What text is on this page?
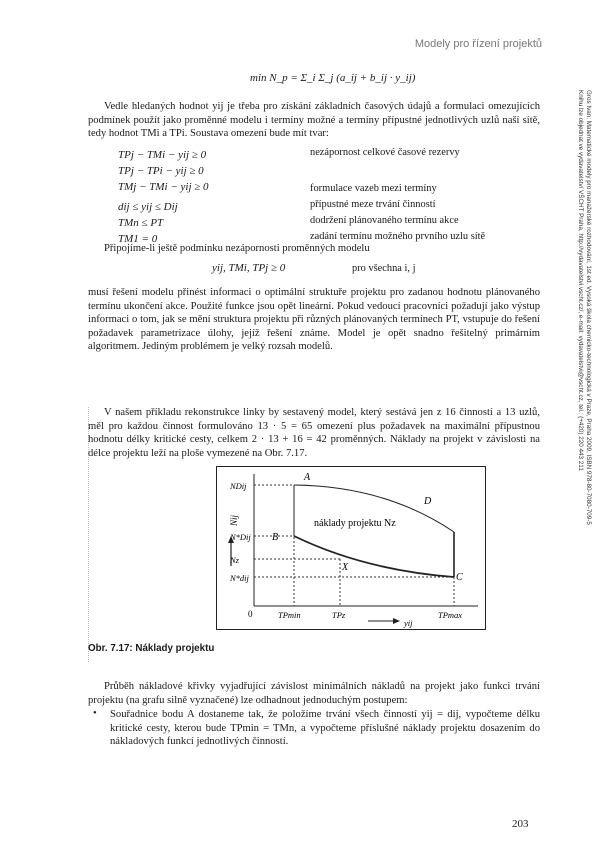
Modely pro řízení projektů
Gros Ivan: Matematické modely pro manažerské rozhodování, 1st ed. Vysoká škola chemicko-technologická v Praze, Praha 2009, ISBN 978-80-7080-709-5
Knihu lze objednat ve vydavatelství VŠCHT Praha, http://vydavatelstvi.vscht.cz/, e-mail: vydavatelstvi@vscht.cz, tel.: (+420) 220 443 211
min N_p = Σ_i Σ_j (a_ij + b_ij · y_ij)
Vedle hledaných hodnot yij je třeba pro získání základních časových údajů a formulaci omezujících podmínek použít jako proměnné modelu i termíny možné a termíny přípustné jednotlivých uzlů naší sítě, tedy hodnot TMi a TPi. Soustava omezení bude mít tvar:
TPj − TMi − yij ≥ 0	nezápornost celkové časové rezervy
TPj − TPi − yij ≥ 0
TMj − TMi − yij ≥ 0	formulace vazeb mezi termíny
dij ≤ yij ≤ Dij	přípustné meze trvání činností
TMn ≤ PT	dodržení plánovaného termínu akce
TM1 = 0	zadání termínu možného prvního uzlu sítě
Připojíme-li ještě podmínku nezápornosti proměnných modelu
yij, TMi, TPj ≥ 0	pro všechna i, j
musí řešení modelu přinést informaci o optimální struktuře projektu pro zadanou hodnotu plánovaného termínu ukončení akce. Použité funkce jsou opět lineární. Pokud vedoucí pracovníci požadují jako výstup informaci o tom, jak se mění struktura projektu při různých plánovaných termínech PT, vstupuje do řešení požadavek parametrizace úlohy, jejíž řešení známe. Model je opět snadno řešitelný primárním algoritmem. Jediným problémem je velký rozsah modelů.
V našem příkladu rekonstrukce linky by sestavený model, který sestává jen z 16 činností a 13 uzlů, měl pro každou činnost formulováno 13 · 5 = 65 omezení plus požadavek na maximální přípustnou hodnotu délky kritické cesty, celkem 2 · 13 + 16 = 42 proměnných. Náklady na projekt v závislosti na délce projektu leží na ploše vymezené na Obr. 7.17.
A
B
C
D
X
náklady projektu Nz
Nij
NDij
N*Dij
Nz
N*dij
0	TPmin	TPz	TPmax
yij
Obr. 7.17: Náklady projektu
Průběh nákladové křivky vyjadřující závislost minimálních nákladů na projekt jako funkci trvání projektu (na grafu silně vyznačené) lze odhadnout jednoduchým postupem:
• Souřadnice bodu A dostaneme tak, že položíme trvání všech činností yij = dij, vypočteme délku kritické cesty, kterou bude TPmin = TMn, a vypočteme příslušné náklady projektu dosazením do nákladových funkcí jednotlivých činností.
203
